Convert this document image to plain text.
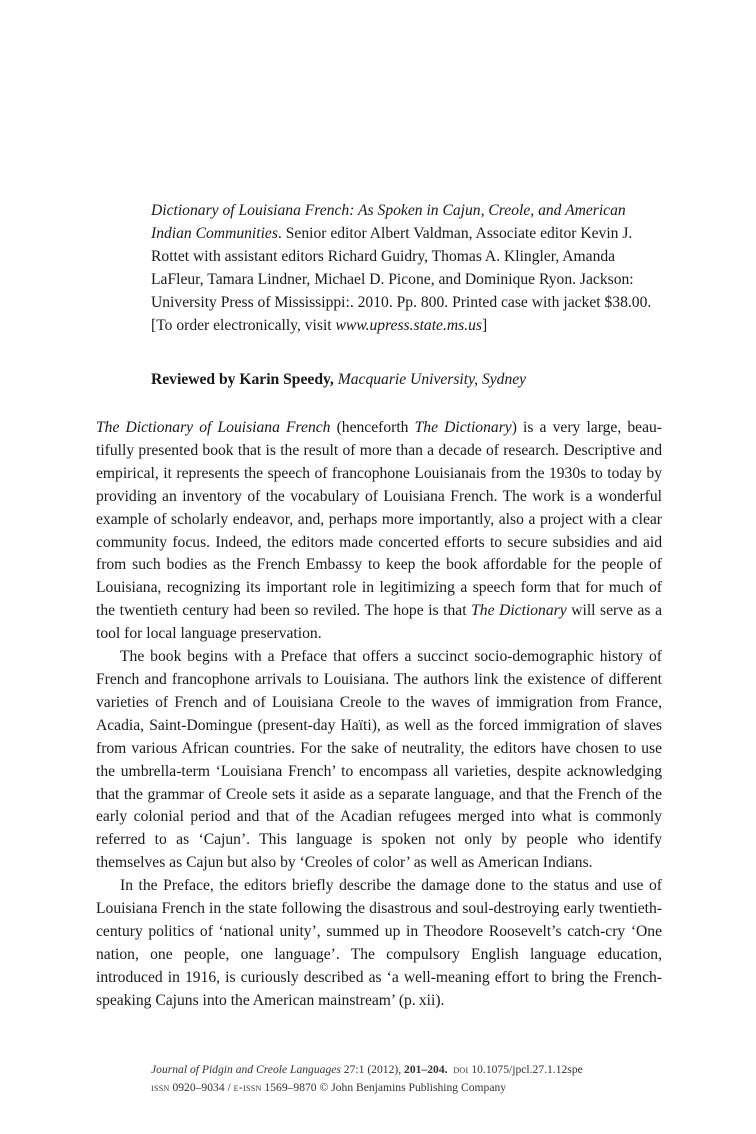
Dictionary of Louisiana French: As Spoken in Cajun, Creole, and American Indian Communities. Senior editor Albert Valdman, Associate editor Kevin J. Rottet with assistant editors Richard Guidry, Thomas A. Klingler, Amanda LaFleur, Tamara Lindner, Michael D. Picone, and Dominique Ryon. Jackson: University Press of Mississippi:. 2010. Pp. 800. Printed case with jacket $38.00. [To order electronically, visit www.upress.state.ms.us]

Reviewed by Karin Speedy, Macquarie University, Sydney

The Dictionary of Louisiana French (henceforth The Dictionary) is a very large, beautifully presented book that is the result of more than a decade of research. Descriptive and empirical, it represents the speech of francophone Louisianais from the 1930s to today by providing an inventory of the vocabulary of Louisiana French. The work is a wonderful example of scholarly endeavor, and, perhaps more importantly, also a project with a clear community focus. Indeed, the editors made concerted efforts to secure subsidies and aid from such bodies as the French Embassy to keep the book affordable for the people of Louisiana, recognizing its important role in legitimizing a speech form that for much of the twentieth century had been so reviled. The hope is that The Dictionary will serve as a tool for local language preservation.

The book begins with a Preface that offers a succinct socio-demographic history of French and francophone arrivals to Louisiana. The authors link the existence of different varieties of French and of Louisiana Creole to the waves of immigration from France, Acadia, Saint-Domingue (present-day Haïti), as well as the forced immigration of slaves from various African countries. For the sake of neutrality, the editors have chosen to use the umbrella-term ‘Louisiana French’ to encompass all varieties, despite acknowledging that the grammar of Creole sets it aside as a separate language, and that the French of the early colonial period and that of the Acadian refugees merged into what is commonly referred to as ‘Cajun’. This language is spoken not only by people who identify themselves as Cajun but also by ‘Creoles of color’ as well as American Indians.

In the Preface, the editors briefly describe the damage done to the status and use of Louisiana French in the state following the disastrous and soul-destroying early twentieth-century politics of ‘national unity’, summed up in Theodore Roosevelt’s catch-cry ‘One nation, one people, one language’. The compulsory English language education, introduced in 1916, is curiously described as ‘a well-meaning effort to bring the French-speaking Cajuns into the American mainstream’ (p. xii).

Journal of Pidgin and Creole Languages 27:1 (2012), 201–204. doi 10.1075/jpcl.27.1.12spe
issn 0920–9034 / e-issn 1569–9870 © John Benjamins Publishing Company
